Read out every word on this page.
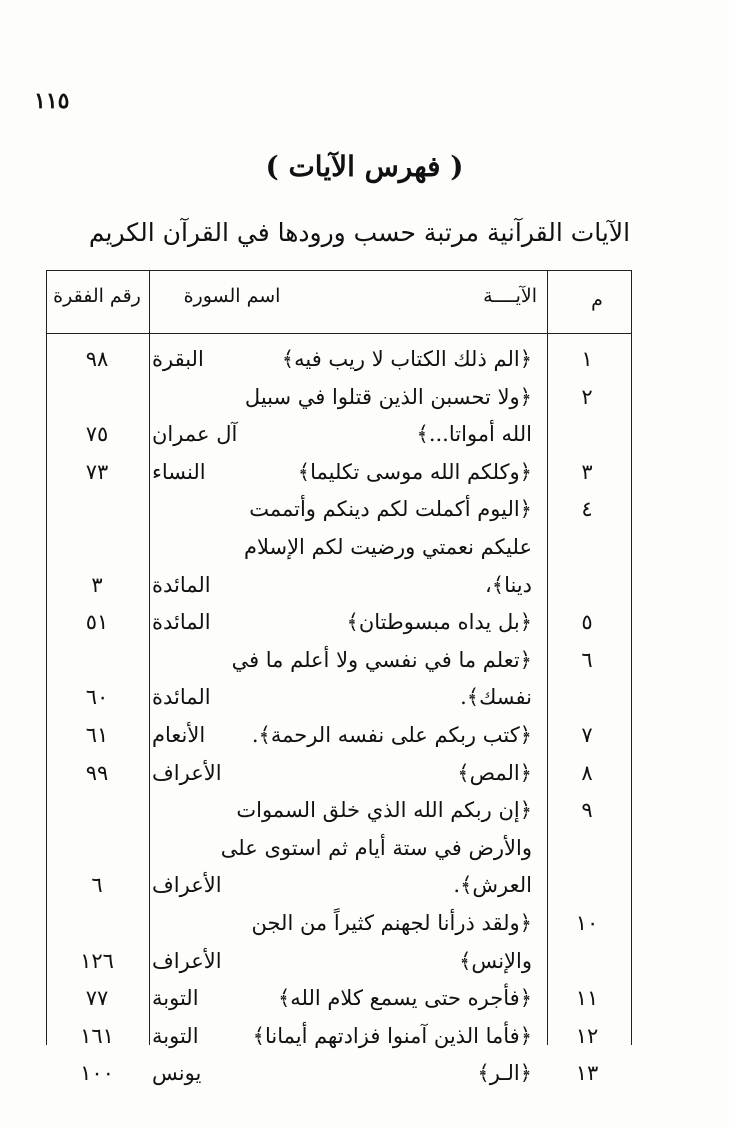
١١٥
( فهرس الآيات )
الآيات القرآنية مرتبة حسب ورودها في القرآن الكريم
م
الآيــــة
اسم السورة
رقم الفقرة
١
﴿الم ذلك الكتاب لا ريب فيه﴾
البقرة
٩٨
٢
﴿ولا تحسبن الذين قتلوا في سبيل
الله أمواتا...﴾
آل عمران
٧٥
٣
﴿وكلكم الله موسى تكليما﴾
النساء
٧٣
٤
﴿اليوم أكملت لكم دينكم وأتممت
عليكم نعمتي ورضيت لكم الإسلام
دينا﴾،
المائدة
٣
٥
﴿بل يداه مبسوطتان﴾
المائدة
٥١
٦
﴿تعلم ما في نفسي ولا أعلم ما في
نفسك﴾.
المائدة
٦٠
٧
﴿كتب ربكم على نفسه الرحمة﴾.
الأنعام
٦١
٨
﴿المص﴾
الأعراف
٩٩
٩
﴿إن ربكم الله الذي خلق السموات
والأرض في ستة أيام ثم استوى على
العرش﴾.
الأعراف
٦
١٠
﴿ولقد ذرأنا لجهنم كثيراً من الجن
والإنس﴾
الأعراف
١٢٦
١١
﴿فأجره حتى يسمع كلام الله﴾
التوبة
٧٧
١٢
﴿فأما الذين آمنوا فزادتهم أيمانا﴾
التوبة
١٦١
١٣
﴿الـر﴾
يونس
١٠٠
